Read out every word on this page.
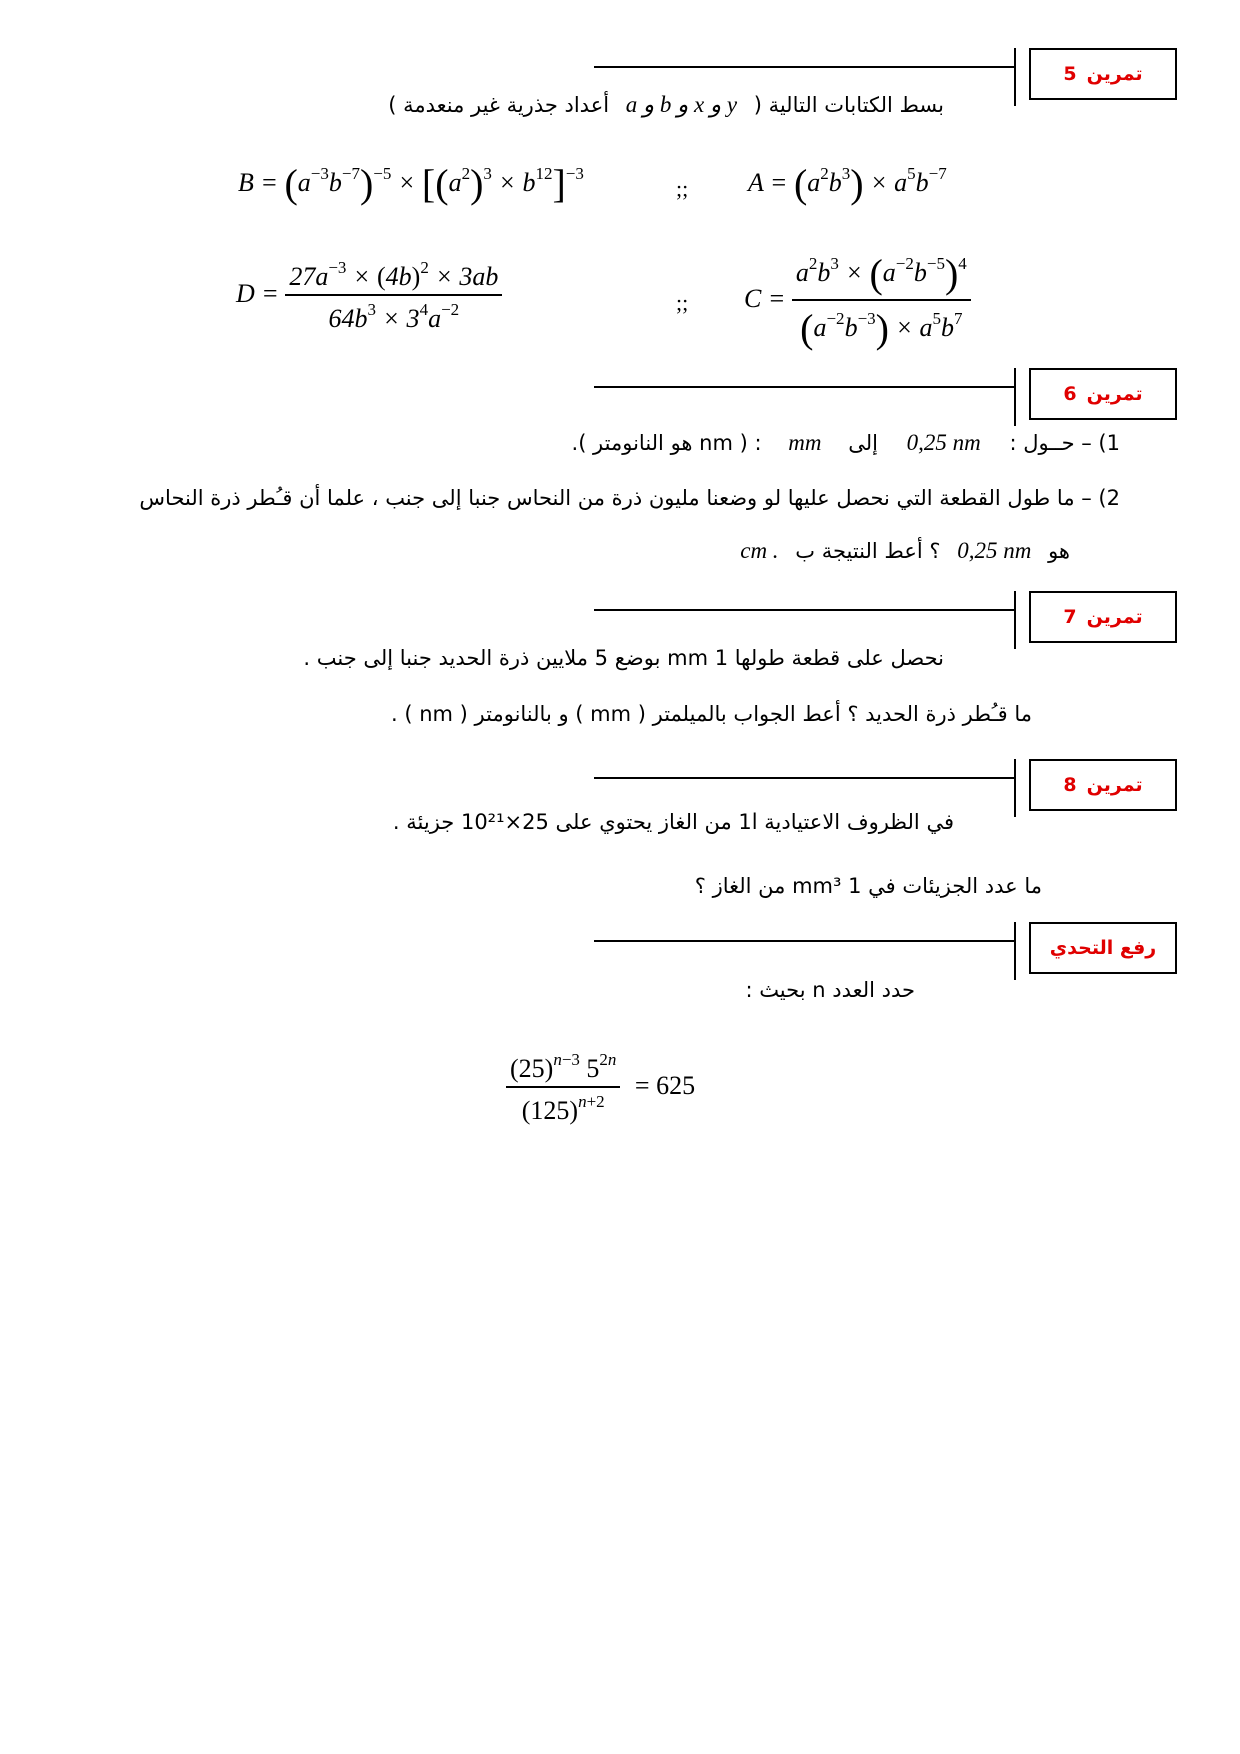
تمرين
5
بسط الكتابات التالية ( a و b و x و y أعداد جذرية غير منعدمة )
$B = (a^{-3}b^{-7})^{-5} \times [(a^2)^3 \times b^{12}]^{-3}$
;; $A = (a^2b^3) \times a^5b^{-7}$
$D = \frac{27a^{-3} \times (4b)^2 \times 3ab}{64b^3 \times 3^4a^{-2}}$	;; $C = \frac{a^2b^3 \times (a^{-2}b^{-5})^4}{(a^{-2}b^{-3}) \times a^5b^7}$
تمرين
6
1) – حــول : 0,25 nm إلى mm : ( nm هو النانومتر ).
2) – ما طول القطعة التي نحصل عليها لو وضعنا مليون ذرة من النحاس جنبا إلى جنب ، علما أن قـُطر ذرة النحاس
هو 0,25 nm ؟ أعط النتيجة ب cm .
تمرين
7
نحصل على قطعة طولها 1 mm بوضع 5 ملايين ذرة الحديد جنبا إلى جنب .
ما قـُطر ذرة الحديد ؟ أعط الجواب بالميلمتر ( mm ) و بالنانومتر ( nm ) .
تمرين
8
في الظروف الاعتيادية 1l من الغاز يحتوي على 25×10²¹ جزيئة .
ما عدد الجزيئات في 1 mm³ من الغاز ؟
رفع التحدي
حدد العدد n بحيث :
$\frac{(25)^{n-3} 5^{2n}}{(125)^{n+2}} = 625$
